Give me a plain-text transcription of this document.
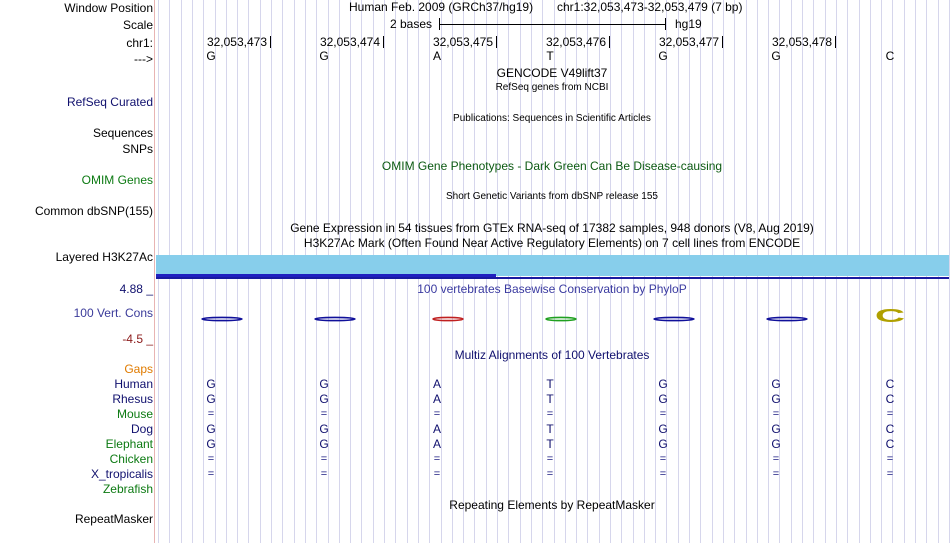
Window Position	Human Feb. 2009 (GRCh37/hg19) chr1:32,053,473-32,053,479 (7 bp)
Scale	2 bases	hg19
chr1:	32,053,473	32,053,474	32,053,475	32,053,476	32,053,477	32,053,478
--->	G	G	A	T	G	G	C
GENCODE V49lift37
RefSeq genes from NCBI
RefSeq Curated
Publications: Sequences in Scientific Articles
Sequences
SNPs
OMIM Gene Phenotypes - Dark Green Can Be Disease-causing
OMIM Genes
Short Genetic Variants from dbSNP release 155
Common dbSNP(155)
Gene Expression in 54 tissues from GTEx RNA-seq of 17382 samples, 948 donors (V8, Aug 2019)
H3K27Ac Mark (Often Found Near Active Regulatory Elements) on 7 cell lines from ENCODE
Layered H3K27Ac
4.88 _	100 vertebrates Basewise Conservation by PhyloP
100 Vert. Cons	C
-4.5 _
Multiz Alignments of 100 Vertebrates
Gaps
Human	G	G	A	T	G	G	C
Rhesus	G	G	A	T	G	G	C
Mouse	=	=	=	=	=	=	=
Dog	G	G	A	T	G	G	C
Elephant	G	G	A	T	G	G	C
Chicken	=	=	=	=	=	=	=
X_tropicalis	=	=	=	=	=	=	=
Zebrafish
Repeating Elements by RepeatMasker
RepeatMasker
